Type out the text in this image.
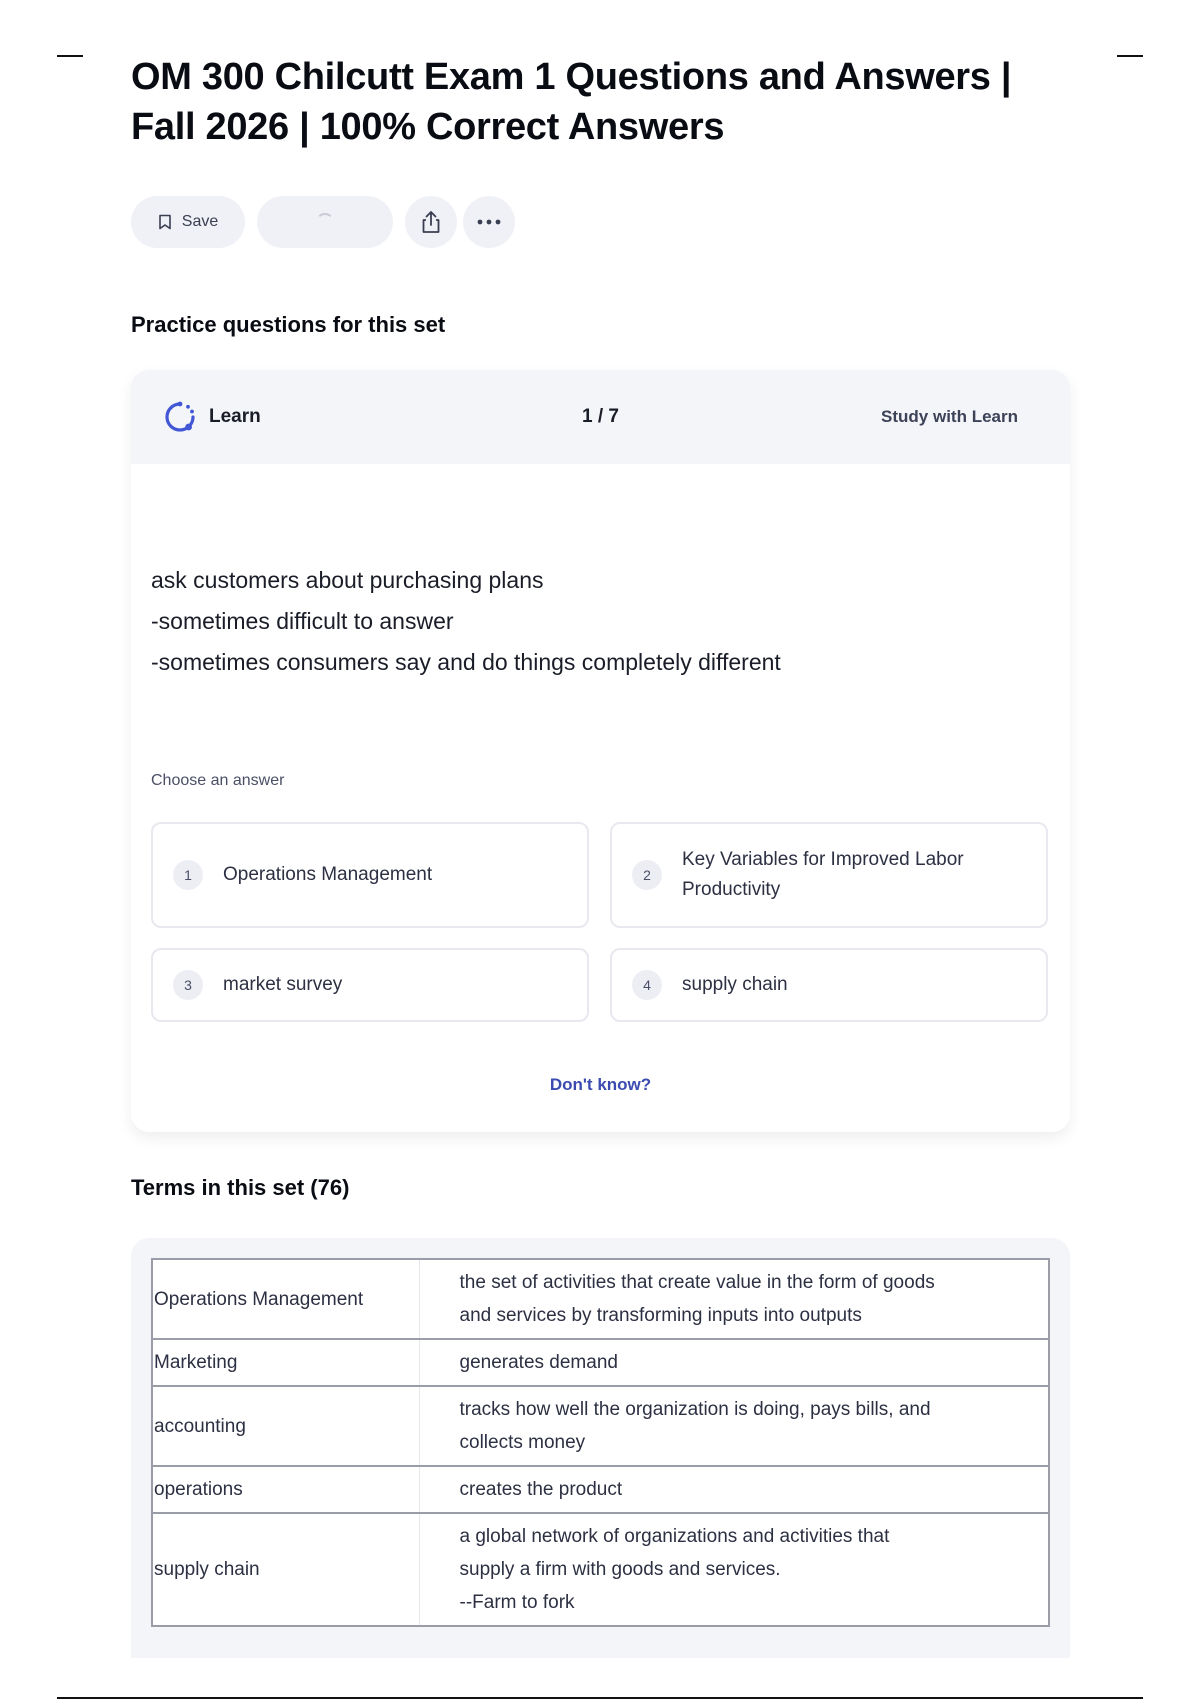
OM 300 Chilcutt Exam 1 Questions and Answers | Fall 2026 | 100% Correct Answers
Save
Practice questions for this set
Learn	1 / 7	Study with Learn
ask customers about purchasing plans
-sometimes difficult to answer
-sometimes consumers say and do things completely different
Choose an answer
1	Operations Management	2
Key Variables for Improved Labor Productivity
3	market survey	4	supply chain
Don't know?
Terms in this set (76)
Operations Management	the set of activities that create value in the form of goods and services by transforming inputs into outputs
Marketing	generates demand
accounting	tracks how well the organization is doing, pays bills, and collects money
operations	creates the product
supply chain	a global network of organizations and activities that supply a firm with goods and services.
--Farm to fork
